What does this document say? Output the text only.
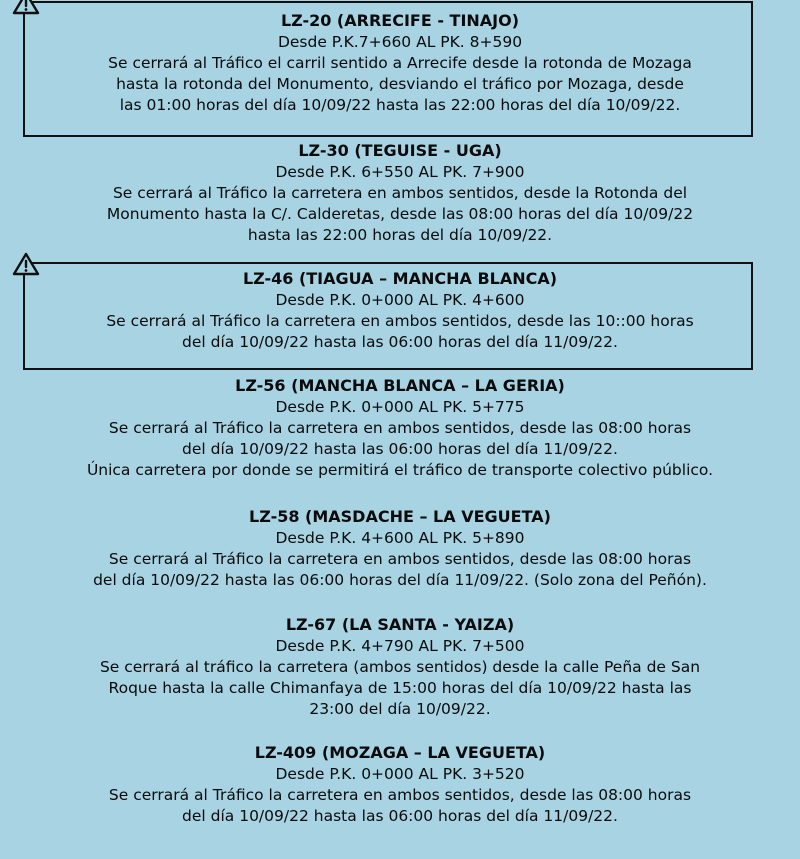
LZ-20 (ARRECIFE - TINAJO)

Desde P.K.7+660 AL PK. 8+590

Se cerrará al Tráfico el carril sentido a Arrecife desde la rotonda de Mozaga

hasta la rotonda del Monumento, desviando el tráfico por Mozaga, desde

las 01:00 horas del día 10/09/22 hasta las 22:00 horas del día 10/09/22.

LZ-30 (TEGUISE - UGA)

Desde P.K. 6+550 AL PK. 7+900

Se cerrará al Tráfico la carretera en ambos sentidos, desde la Rotonda del

Monumento hasta la C/. Calderetas, desde las 08:00 horas del día 10/09/22

hasta las 22:00 horas del día 10/09/22.

LZ-46 (TIAGUA – MANCHA BLANCA)

Desde P.K. 0+000 AL PK. 4+600

Se cerrará al Tráfico la carretera en ambos sentidos, desde las 10::00 horas

del día 10/09/22 hasta las 06:00 horas del día 11/09/22.

LZ-56 (MANCHA BLANCA – LA GERIA)

Desde P.K. 0+000 AL PK. 5+775

Se cerrará al Tráfico la carretera en ambos sentidos, desde las 08:00 horas

del día 10/09/22 hasta las 06:00 horas del día 11/09/22.

Única carretera por donde se permitirá el tráfico de transporte colectivo público.

LZ-58 (MASDACHE – LA VEGUETA)

Desde P.K. 4+600 AL PK. 5+890

Se cerrará al Tráfico la carretera en ambos sentidos, desde las 08:00 horas

del día 10/09/22 hasta las 06:00 horas del día 11/09/22. (Solo zona del Peñón).

LZ-67 (LA SANTA - YAIZA)

Desde P.K. 4+790 AL PK. 7+500

Se cerrará al tráfico la carretera (ambos sentidos) desde la calle Peña de San

Roque hasta la calle Chimanfaya de 15:00 horas del día 10/09/22 hasta las

23:00 del día 10/09/22.

LZ-409 (MOZAGA – LA VEGUETA)

Desde P.K. 0+000 AL PK. 3+520

Se cerrará al Tráfico la carretera en ambos sentidos, desde las 08:00 horas

del día 10/09/22 hasta las 06:00 horas del día 11/09/22.
